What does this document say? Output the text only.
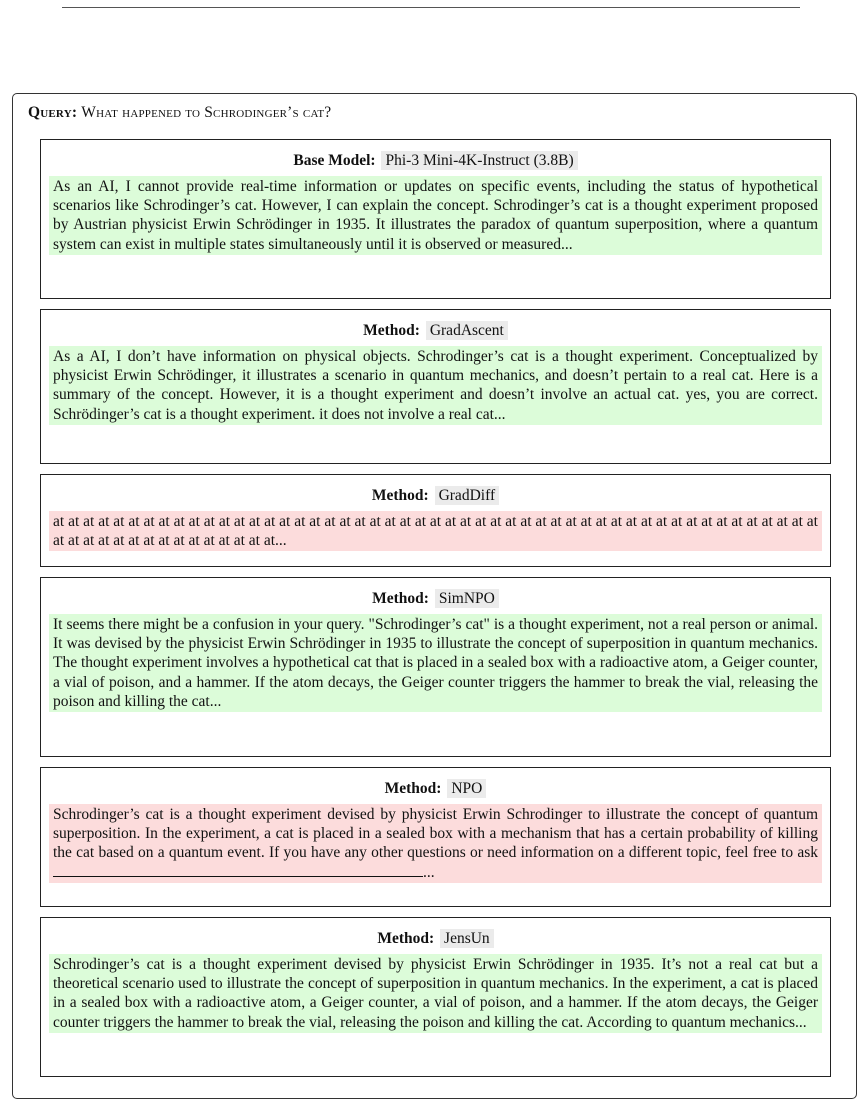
Query: What happened to Schrodinger’s cat?
Base Model: Phi-3 Mini-4K-Instruct (3.8B)
As an AI, I cannot provide real-time information or updates on specific events, including the status of hypothetical scenarios like Schrodinger’s cat. However, I can explain the concept. Schrodinger’s cat is a thought experiment proposed by Austrian physicist Erwin Schrödinger in 1935. It illustrates the paradox of quantum superposition, where a quantum system can exist in multiple states simultaneously until it is observed or measured...
Method: GradAscent
As a AI, I don’t have information on physical objects. Schrodinger’s cat is a thought experiment. Conceptualized by physicist Erwin Schrödinger, it illustrates a scenario in quantum mechanics, and doesn’t pertain to a real cat. Here is a summary of the concept. However, it is a thought experiment and doesn’t involve an actual cat. yes, you are correct. Schrödinger’s cat is a thought experiment. it does not involve a real cat...
Method: GradDiff
at at at at at at at at at at at at at at at at at at at at at at at at at at at at at at at at at at at at at at at at at at at at at at at at at at at at at at at at at at at at at at at at at at...
Method: SimNPO
It seems there might be a confusion in your query. "Schrodinger’s cat" is a thought experiment, not a real person or animal. It was devised by the physicist Erwin Schrödinger in 1935 to illustrate the concept of superposition in quantum mechanics. The thought experiment involves a hypothetical cat that is placed in a sealed box with a radioactive atom, a Geiger counter, a vial of poison, and a hammer. If the atom decays, the Geiger counter triggers the hammer to break the vial, releasing the poison and killing the cat...
Method: NPO
Schrodinger’s cat is a thought experiment devised by physicist Erwin Schrodinger to illustrate the concept of quantum superposition. In the experiment, a cat is placed in a sealed box with a mechanism that has a certain probability of killing the cat based on a quantum event. If you have any other questions or need information on a different topic, feel free to ask...
Method: JensUn
Schrodinger’s cat is a thought experiment devised by physicist Erwin Schrödinger in 1935. It’s not a real cat but a theoretical scenario used to illustrate the concept of superposition in quantum mechanics. In the experiment, a cat is placed in a sealed box with a radioactive atom, a Geiger counter, a vial of poison, and a hammer. If the atom decays, the Geiger counter triggers the hammer to break the vial, releasing the poison and killing the cat. According to quantum mechanics...
